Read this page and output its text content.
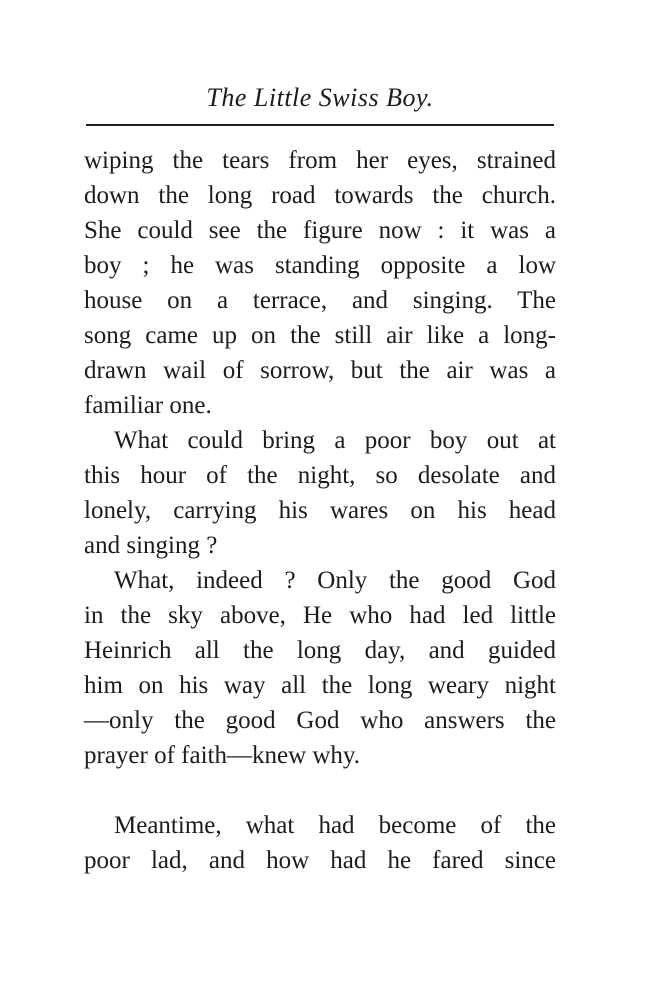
The Little Swiss Boy.
wiping the tears from her eyes, strained
down the long road towards the church.
She could see the figure now : it was a
boy ; he was standing opposite a low
house on a terrace, and singing. The
song came up on the still air like a long-
drawn wail of sorrow, but the air was a
familiar one.
What could bring a poor boy out at
this hour of the night, so desolate and
lonely, carrying his wares on his head
and singing ?
What, indeed ? Only the good God
in the sky above, He who had led little
Heinrich all the long day, and guided
him on his way all the long weary night
—only the good God who answers the
prayer of faith—knew why.
Meantime, what had become of the
poor lad, and how had he fared since
